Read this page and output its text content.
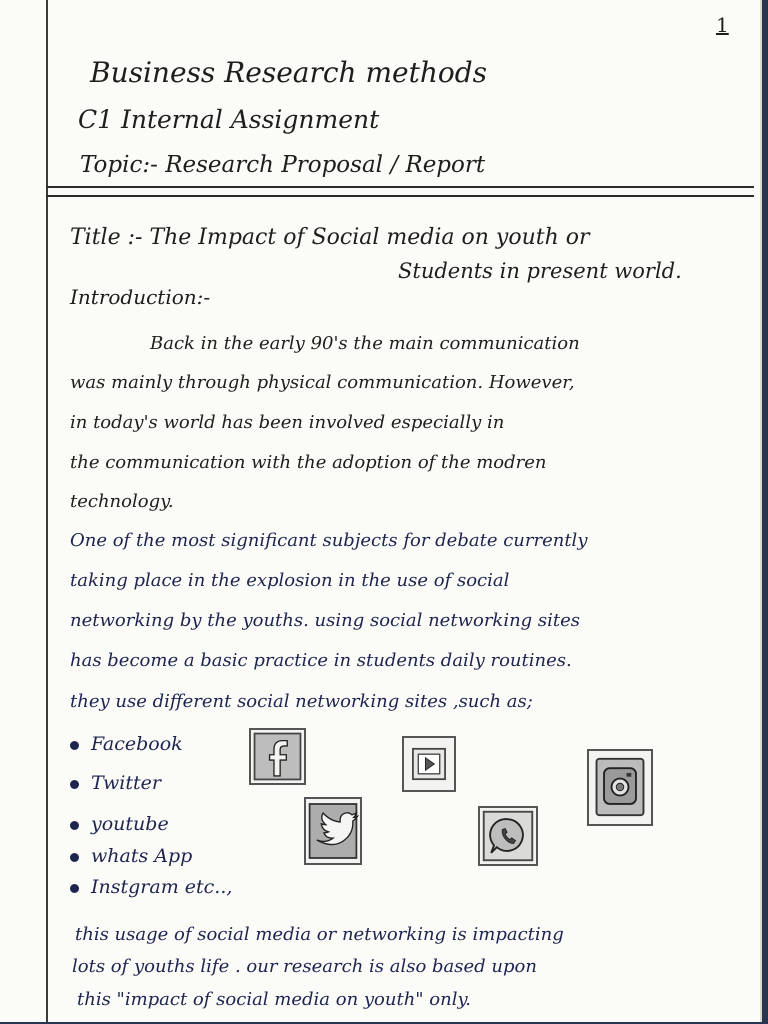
1
Business Research methods
C1 Internal Assignment
Topic:- Research Proposal / Report
Title :- The Impact of Social media on youth or
Students in present world.
Introduction:-
Back in the early 90's the main communication
was mainly through physical communication. However,
in today's world has been involved especially in
the communication with the adoption of the modren
technology.
One of the most significant subjects for debate currently
taking place in the explosion in the use of social
networking by the youths. using social networking sites
has become a basic practice in students daily routines.
they use different social networking sites ,such as;
Facebook
Twitter
youtube
whats App
Instgram etc..,
this usage of social media or networking is impacting
lots of youths life . our research is also based upon
this "impact of social media on youth" only.
